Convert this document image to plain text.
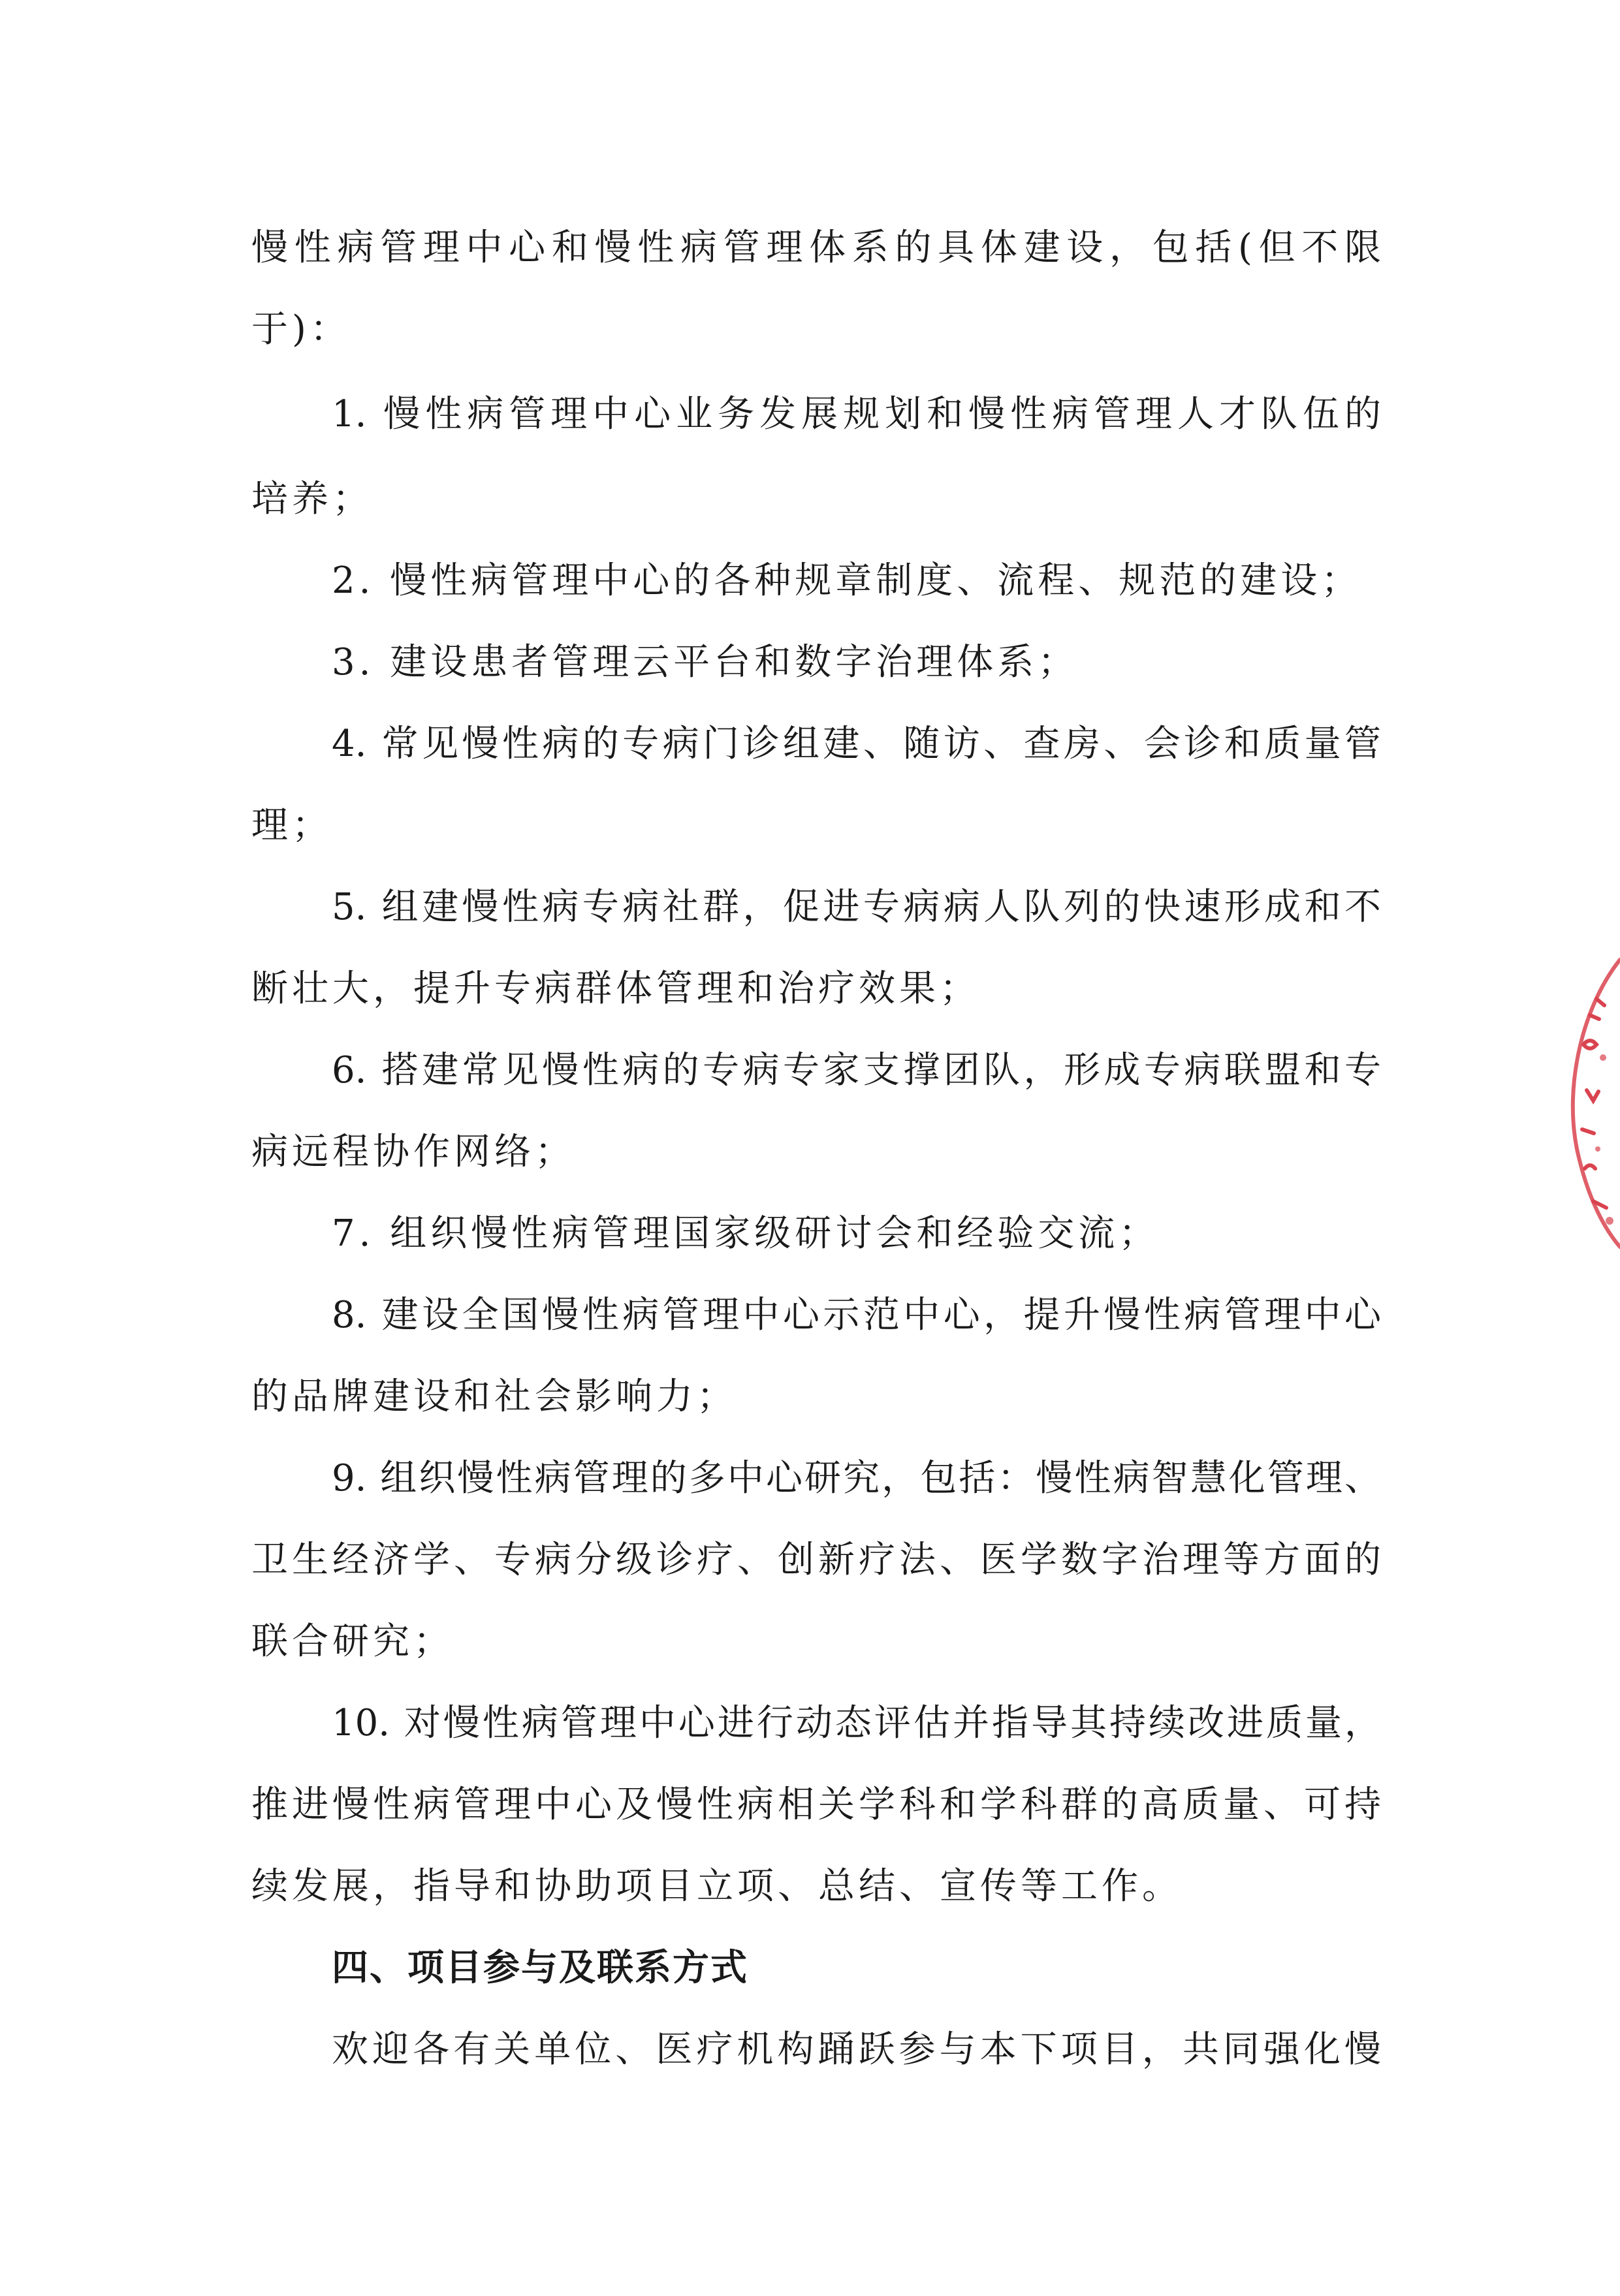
慢性病管理中心和慢性病管理体系的具体建设，包括(但不限
于)：
1. 慢性病管理中心业务发展规划和慢性病管理人才队伍的
培养；
2. 慢性病管理中心的各种规章制度、流程、规范的建设；
3. 建设患者管理云平台和数字治理体系；
4. 常见慢性病的专病门诊组建、随访、查房、会诊和质量管
理；
5. 组建慢性病专病社群，促进专病病人队列的快速形成和不
断壮大，提升专病群体管理和治疗效果；
6. 搭建常见慢性病的专病专家支撑团队，形成专病联盟和专
病远程协作网络；
7. 组织慢性病管理国家级研讨会和经验交流；
8. 建设全国慢性病管理中心示范中心，提升慢性病管理中心
的品牌建设和社会影响力；
9. 组织慢性病管理的多中心研究，包括：慢性病智慧化管理、
卫生经济学、专病分级诊疗、创新疗法、医学数字治理等方面的
联合研究；
10. 对慢性病管理中心进行动态评估并指导其持续改进质量，
推进慢性病管理中心及慢性病相关学科和学科群的高质量、可持
续发展，指导和协助项目立项、总结、宣传等工作。
四、项目参与及联系方式
欢迎各有关单位、医疗机构踊跃参与本下项目，共同强化慢
